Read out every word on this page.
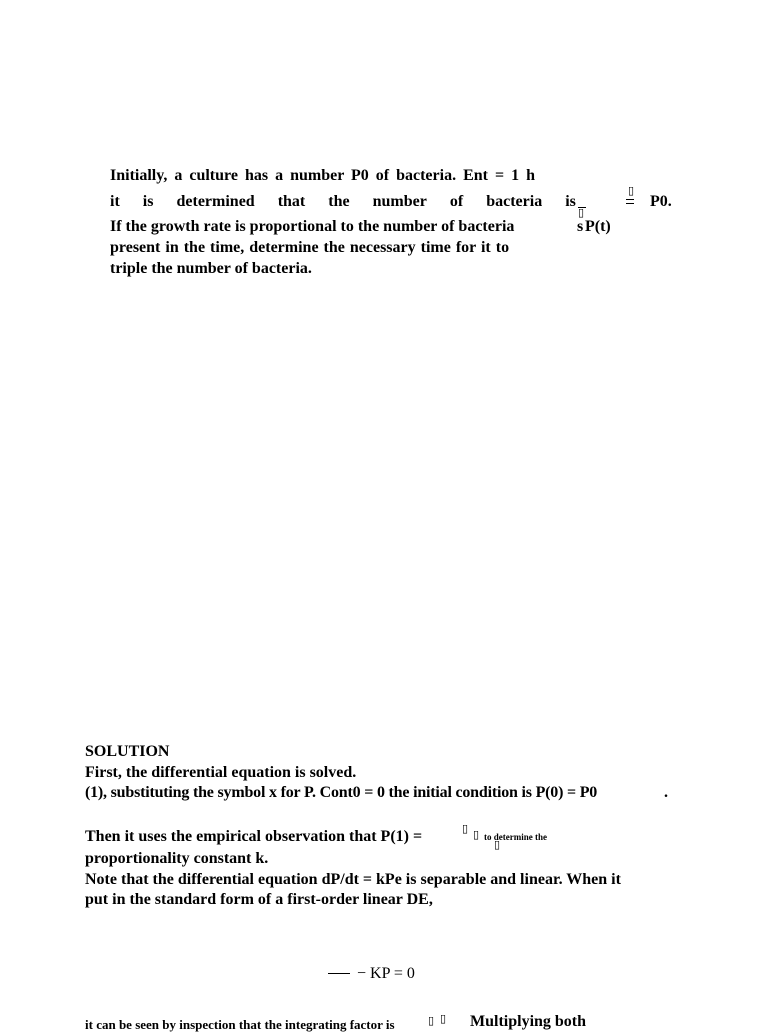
Initially, a culture has a number P0 of bacteria. Ent = 1 h
it is determined that the number of bacteria is
▯
P0.
If the growth rate is proportional to the number of bacteria
▯
s P(t)
present in the time, determine the necessary time for it to
triple the number of bacteria.
SOLUTION
First, the differential equation is solved.
(1), substituting the symbol x for P. Cont0 = 0 the initial condition is P(0) = P0	.
Then it uses the empirical observation that P(1) =	▯ ▯ to determine the
▯
proportionality constant k.
Note that the differential equation dP/dt = kPe is separable and linear. When it
put in the standard form of a first-order linear DE,
− KP = 0
it can be seen by inspection that the integrating factor is	▯ ▯ Multiplying both
